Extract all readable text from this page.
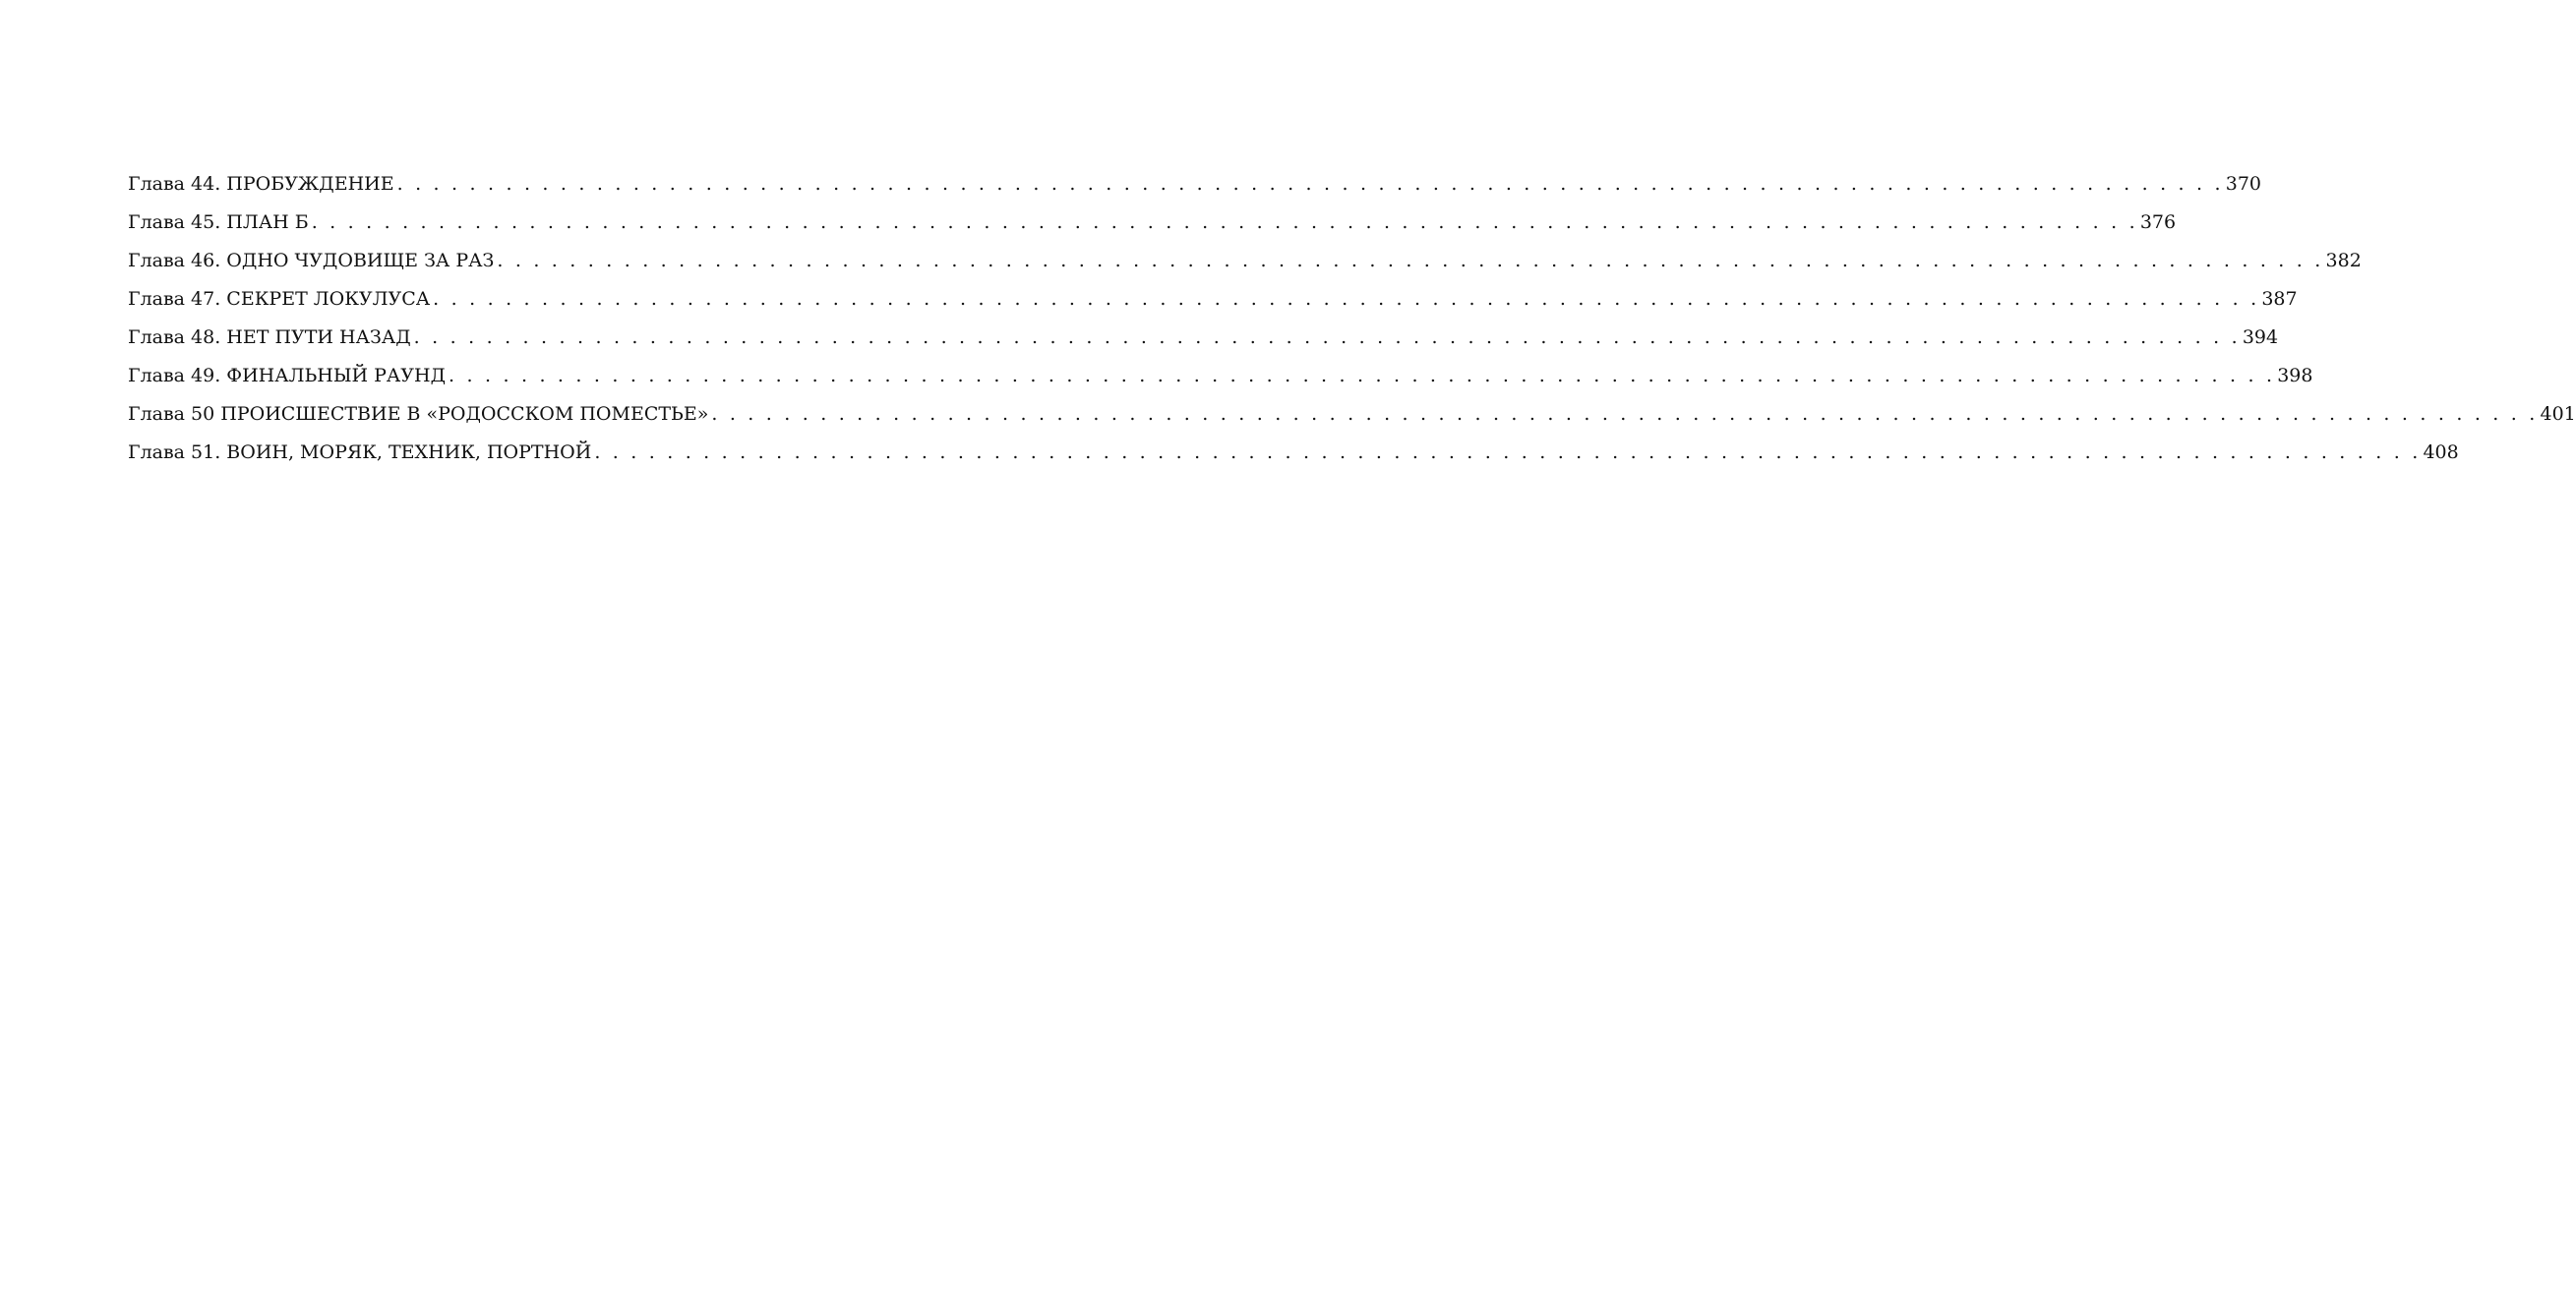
Глава 44. ПРОБУЖДЕНИЕ . . . . . . . . . . . . . . . . . . . . . . . . . . . . . . . . . . . . . . . . . . . . . . . . . . . . . . . . . . . . . . . . . . . . . . . . . . . . . . . . . . . . . . . . . . . . . . . . . . . . . 370
Глава 45. ПЛАН Б . . . . . . . . . . . . . . . . . . . . . . . . . . . . . . . . . . . . . . . . . . . . . . . . . . . . . . . . . . . . . . . . . . . . . . . . . . . . . . . . . . . . . . . . . . . . . . . . . . . . . 376
Глава 46. ОДНО ЧУДОВИЩЕ ЗА РАЗ . . . . . . . . . . . . . . . . . . . . . . . . . . . . . . . . . . . . . . . . . . . . . . . . . . . . . . . . . . . . . . . . . . . . . . . . . . . . . . . . . . . . . . . . . . . . . . . . . . . . . 382
Глава 47. СЕКРЕТ ЛОКУЛУСА . . . . . . . . . . . . . . . . . . . . . . . . . . . . . . . . . . . . . . . . . . . . . . . . . . . . . . . . . . . . . . . . . . . . . . . . . . . . . . . . . . . . . . . . . . . . . . . . . . . . . 387
Глава 48. НЕТ ПУТИ НАЗАД . . . . . . . . . . . . . . . . . . . . . . . . . . . . . . . . . . . . . . . . . . . . . . . . . . . . . . . . . . . . . . . . . . . . . . . . . . . . . . . . . . . . . . . . . . . . . . . . . . . . . 394
Глава 49. ФИНАЛЬНЫЙ РАУНД . . . . . . . . . . . . . . . . . . . . . . . . . . . . . . . . . . . . . . . . . . . . . . . . . . . . . . . . . . . . . . . . . . . . . . . . . . . . . . . . . . . . . . . . . . . . . . . . . . . . . 398
Глава 50 ПРОИСШЕСТВИЕ В «РОДОССКОМ ПОМЕСТЬЕ» . . . . . . . . . . . . . . . . . . . . . . . . . . . . . . . . . . . . . . . . . . . . . . . . . . . . . . . . . . . . . . . . . . . . . . . . . . . . . . . . . . . . . . . . . . . . . . . . . . . . . 401
Глава 51. ВОИН, МОРЯК, ТЕХНИК, ПОРТНОЙ . . . . . . . . . . . . . . . . . . . . . . . . . . . . . . . . . . . . . . . . . . . . . . . . . . . . . . . . . . . . . . . . . . . . . . . . . . . . . . . . . . . . . . . . . . . . . . . . . . . . . 408
